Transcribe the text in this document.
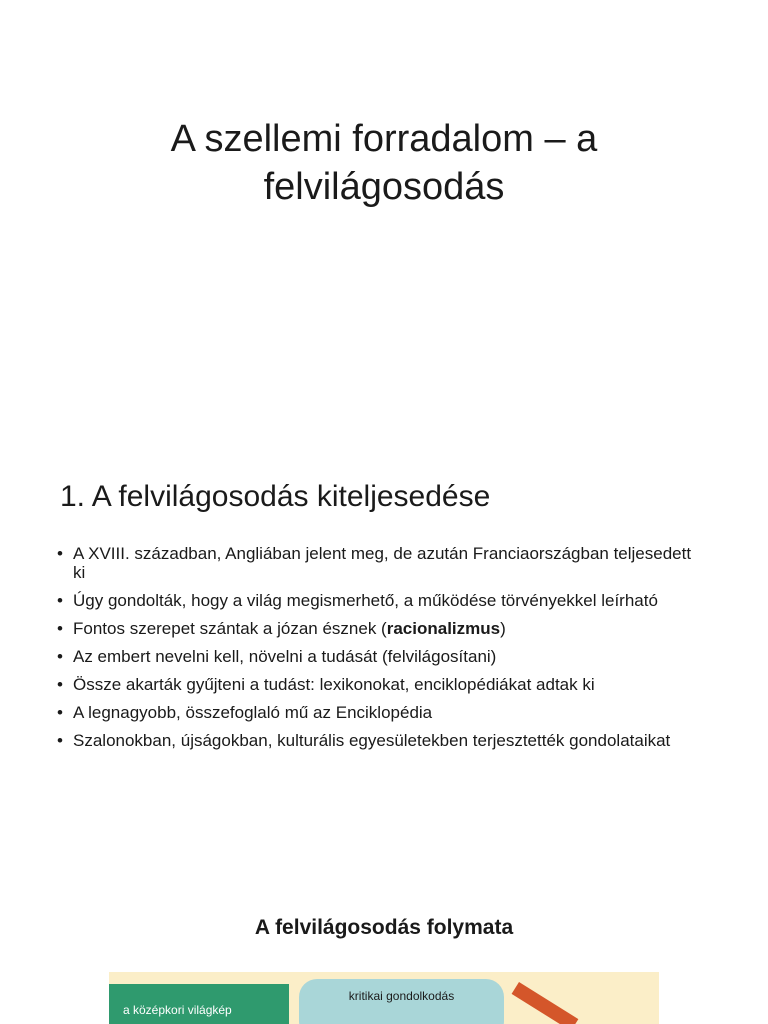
A szellemi forradalom – a felvilágosodás
1. A felvilágosodás kiteljesedése
• A XVIII. században, Angliában jelent meg, de azután Franciaországban teljesedett ki
• Úgy gondolták, hogy a világ megismerhető, a működése törvényekkel leírható
• Fontos szerepet szántak a józan észnek (racionalizmus)
• Az embert nevelni kell, növelni a tudását (felvilágosítani)
• Össze akarták gyűjteni a tudást: lexikonokat, enciklopédiákat adtak ki
• A legnagyobb, összefoglaló mű az Enciklopédia
• Szalonokban, újságokban, kulturális egyesületekben terjesztették gondolataikat
A felvilágosodás folymata
a középkori világkép
kritikai gondolkodás
